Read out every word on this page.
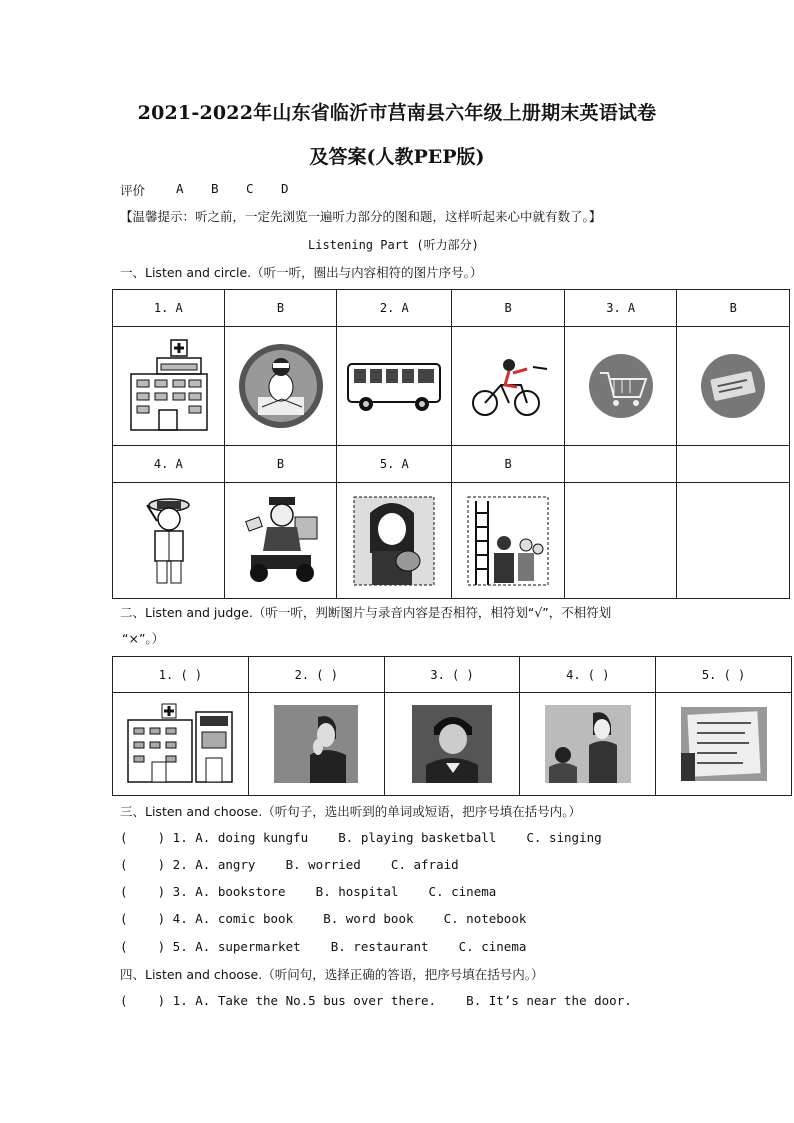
2021-2022年山东省临沂市莒南县六年级上册期末英语试卷
及答案(人教PEP版)
评价 A B C D
【温馨提示：听之前，一定先浏览一遍听力部分的图和题，这样听起来心中就有数了。】
Listening Part (听力部分)
一、Listen and circle.（听一听，圈出与内容相符的图片序号。）
1. A	B	2. A	B	3. A	B

4. A	B	5. A	B		

二、Listen and judge.（听一听，判断图片与录音内容是否相符，相符划“√”，不相符划
“×”。）
1. ( )	2. ( )	3. ( )	4. ( )	5. ( )

三、Listen and choose.（听句子，选出听到的单词或短语，把序号填在括号内。）
(    ) 1. A. doing kungfu    B. playing basketball    C. singing
(    ) 2. A. angry    B. worried    C. afraid
(    ) 3. A. bookstore    B. hospital    C. cinema
(    ) 4. A. comic book    B. word book    C. notebook
(    ) 5. A. supermarket    B. restaurant    C. cinema
四、Listen and choose.（听问句，选择正确的答语，把序号填在括号内。）
(    ) 1. A. Take the No.5 bus over there.    B. It’s near the door.
